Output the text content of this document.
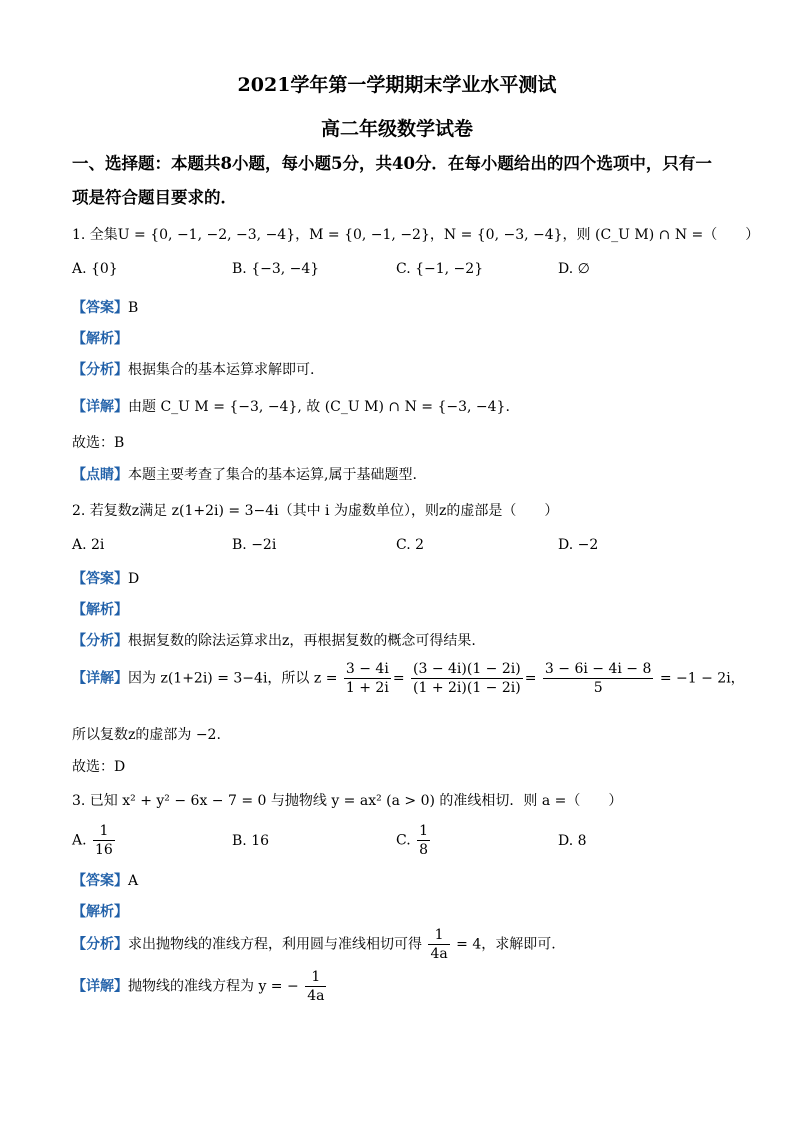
2021学年第一学期期末学业水平测试
高二年级数学试卷
一、选择题：本题共8小题，每小题5分，共40分．在每小题给出的四个选项中，只有一
项是符合题目要求的．
1. 全集U = {0, −1, −2, −3, −4}，M = {0, −1, −2}，N = {0, −3, −4}，则 (C_U M) ∩ N =（　　）
A. {0}	B. {−3, −4}	C. {−1, −2}	D. ∅
【答案】B
【解析】
【分析】根据集合的基本运算求解即可.
【详解】由题 C_U M = {−3, −4}, 故 (C_U M) ∩ N = {−3, −4}.
故选：B
【点睛】本题主要考查了集合的基本运算,属于基础题型.
2. 若复数z满足 z(1+2i) = 3−4i（其中 i 为虚数单位），则z的虚部是（　　）
A. 2i	B. −2i	C. 2	D. −2
【答案】D
【解析】
【分析】根据复数的除法运算求出z，再根据复数的概念可得结果.
【详解】因为 z(1+2i) = 3−4i，所以 $z = \frac{3 - 4i}{1 + 2i} = \frac{(3 - 4i)(1 - 2i)}{(1 + 2i)(1 - 2i)} = \frac{3 - 6i - 4i - 8}{5} = -1 - 2i$，
所以复数z的虚部为 −2.
故选：D
3. 已知 x² + y² − 6x − 7 = 0 与抛物线 y = ax² (a > 0) 的准线相切．则 a =（　　）
A. $\frac{1}{16}$	B. 16	C. $\frac{1}{8}$	D. 8
【答案】A
【解析】
【分析】求出抛物线的准线方程，利用圆与准线相切可得 $\frac{1}{4a} = 4$，求解即可.
【详解】抛物线的准线方程为 y = − $\frac{1}{4a}$
